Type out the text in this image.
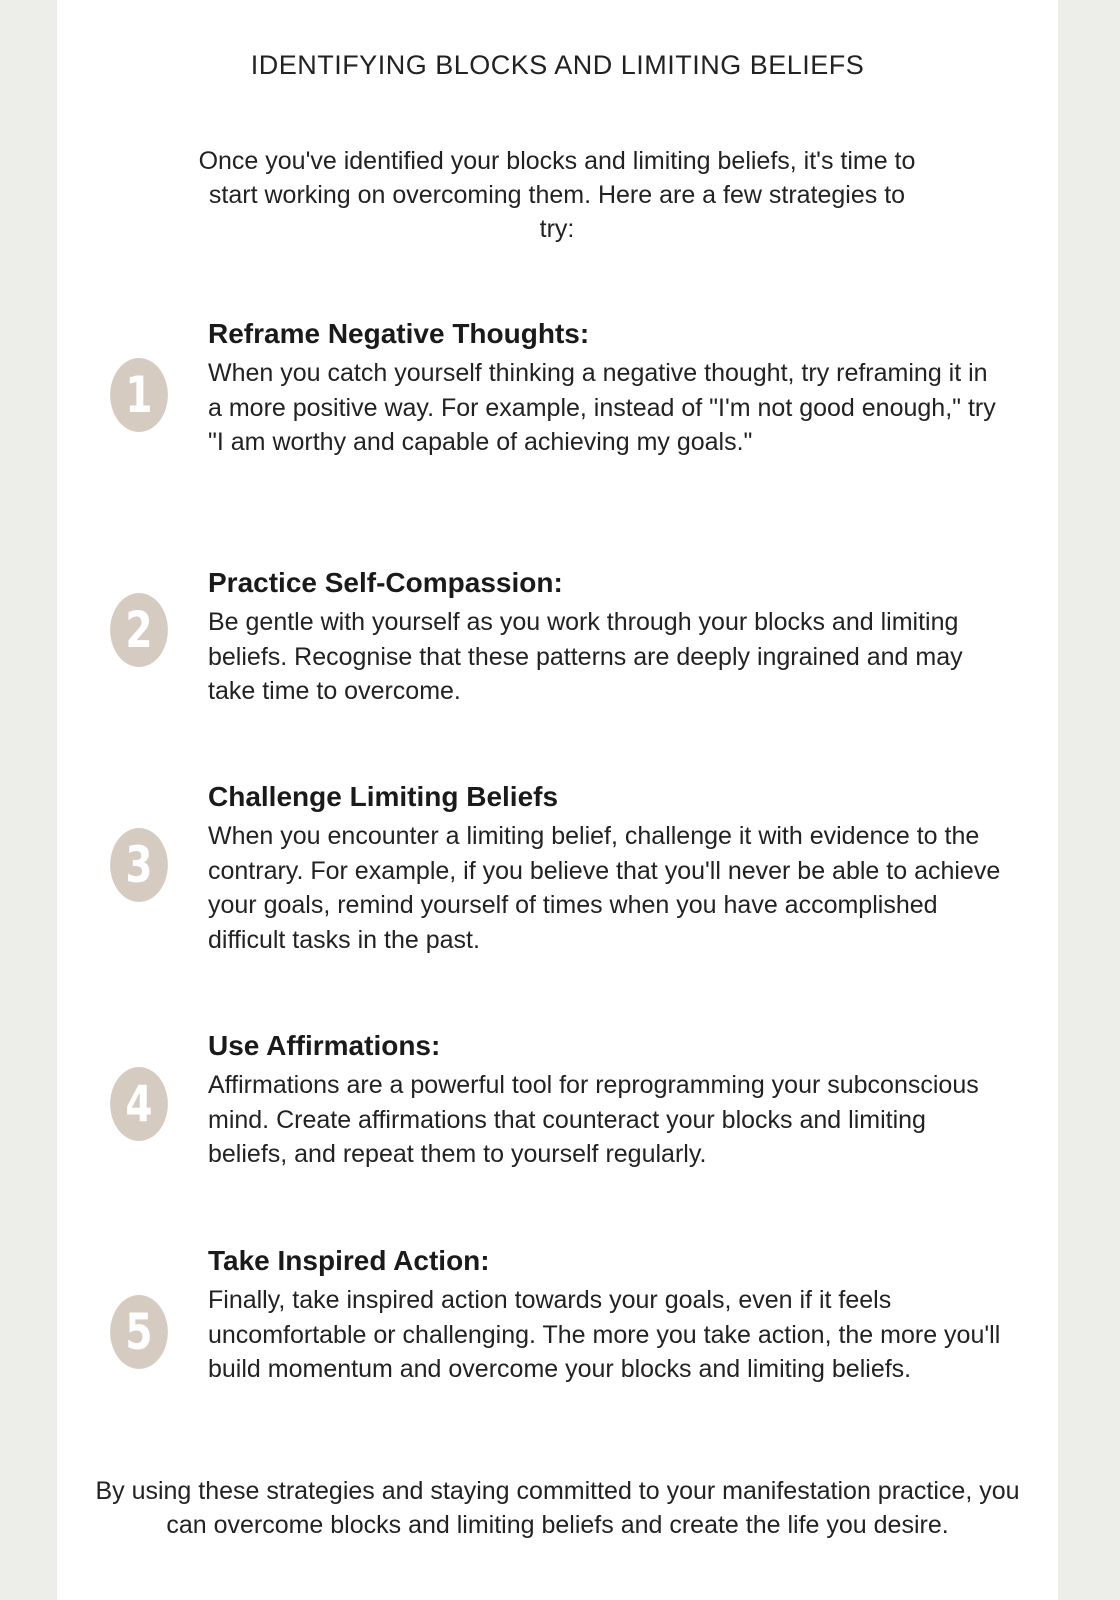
IDENTIFYING BLOCKS AND LIMITING BELIEFS

Once you've identified your blocks and limiting beliefs, it's time to start working on overcoming them. Here are a few strategies to try:

1
Reframe Negative Thoughts:

When you catch yourself thinking a negative thought, try reframing it in a more positive way. For example, instead of "I'm not good enough," try "I am worthy and capable of achieving my goals."

2
Practice Self-Compassion:

Be gentle with yourself as you work through your blocks and limiting beliefs. Recognise that these patterns are deeply ingrained and may take time to overcome.

3
Challenge Limiting Beliefs

When you encounter a limiting belief, challenge it with evidence to the contrary. For example, if you believe that you'll never be able to achieve your goals, remind yourself of times when you have accomplished difficult tasks in the past.

4
Use Affirmations:

Affirmations are a powerful tool for reprogramming your subconscious mind. Create affirmations that counteract your blocks and limiting beliefs, and repeat them to yourself regularly.

5
Take Inspired Action:

Finally, take inspired action towards your goals, even if it feels uncomfortable or challenging. The more you take action, the more you'll build momentum and overcome your blocks and limiting beliefs.

By using these strategies and staying committed to your manifestation practice, you can overcome blocks and limiting beliefs and create the life you desire.
